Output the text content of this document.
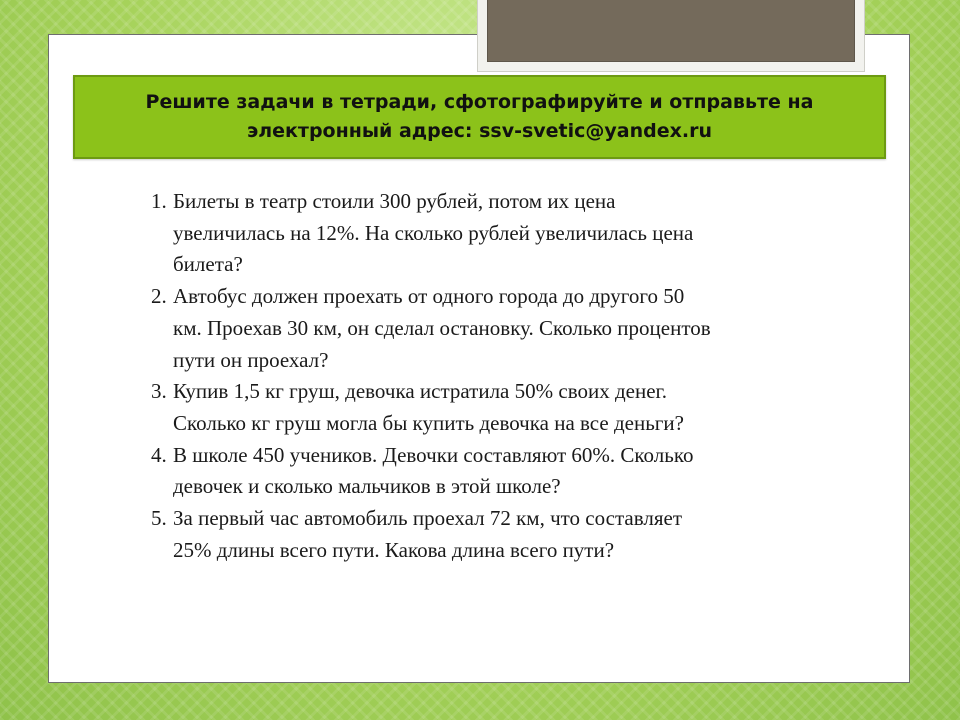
Решите задачи в тетради, сфотографируйте и отправьте на электронный адрес: ssv-svetic@yandex.ru

1. Билеты в театр стоили 300 рублей, потом их цена увеличилась на 12%. На сколько рублей увеличилась цена билета?
2. Автобус должен проехать от одного города до другого 50 км. Проехав 30 км, он сделал остановку. Сколько процентов пути он проехал?
3. Купив 1,5 кг груш, девочка истратила 50% своих денег. Сколько кг груш могла бы купить девочка на все деньги?
4. В школе 450 учеников. Девочки составляют 60%. Сколько девочек и сколько мальчиков в этой школе?
5. За первый час автомобиль проехал 72 км, что составляет 25% длины всего пути. Какова длина всего пути?
